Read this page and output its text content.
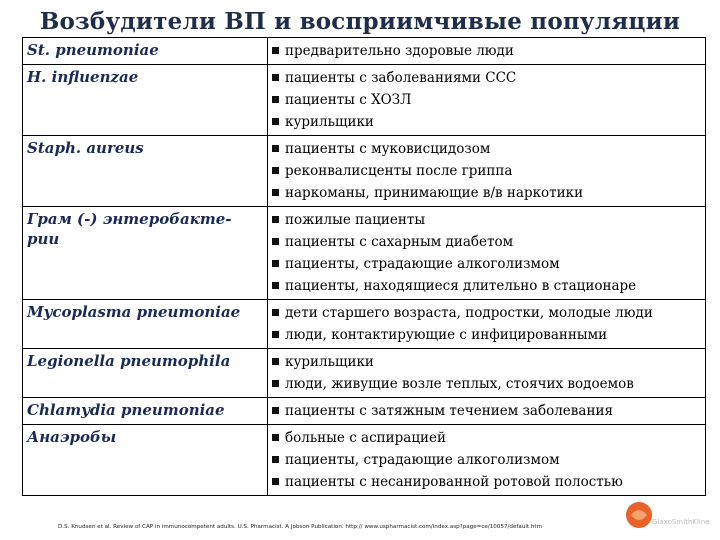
Возбудители ВП и восприимчивые популяции
St. pneumoniae	предварительно здоровые люди

H. influenzae	пациенты с заболеваниями ССС
пациенты с ХОЗЛ
курильщики

Staph. aureus	пациенты с муковисцидозом
реконвалисценты после гриппа
наркоманы, принимающие в/в наркотики

Грам (-) энтеробакте-рии	пожилые пациенты
пациенты с сахарным диабетом
пациенты, страдающие алкоголизмом
пациенты, находящиеся длительно в стационаре

Mycoplasma pneumoniae	дети старшего возраста, подростки, молодые люди
люди, контактирующие с инфицированными

Legionella pneumophila	курильщики
люди, живущие возле теплых, стоячих водоемов

Chlamydia pneumoniae	пациенты с затяжным течением заболевания

Анаэробы	больные с аспирацией
пациенты, страдающие алкоголизмом
пациенты с несанированной ротовой полостью
D.S. Knudsen et al. Review of CAP in immunocompetent adults. U.S. Pharmacist. A Jobson Publication. http:// www.uspharmacist.com/index.asp?page=ce/10057/default.htm
GlaxoSmithKline
